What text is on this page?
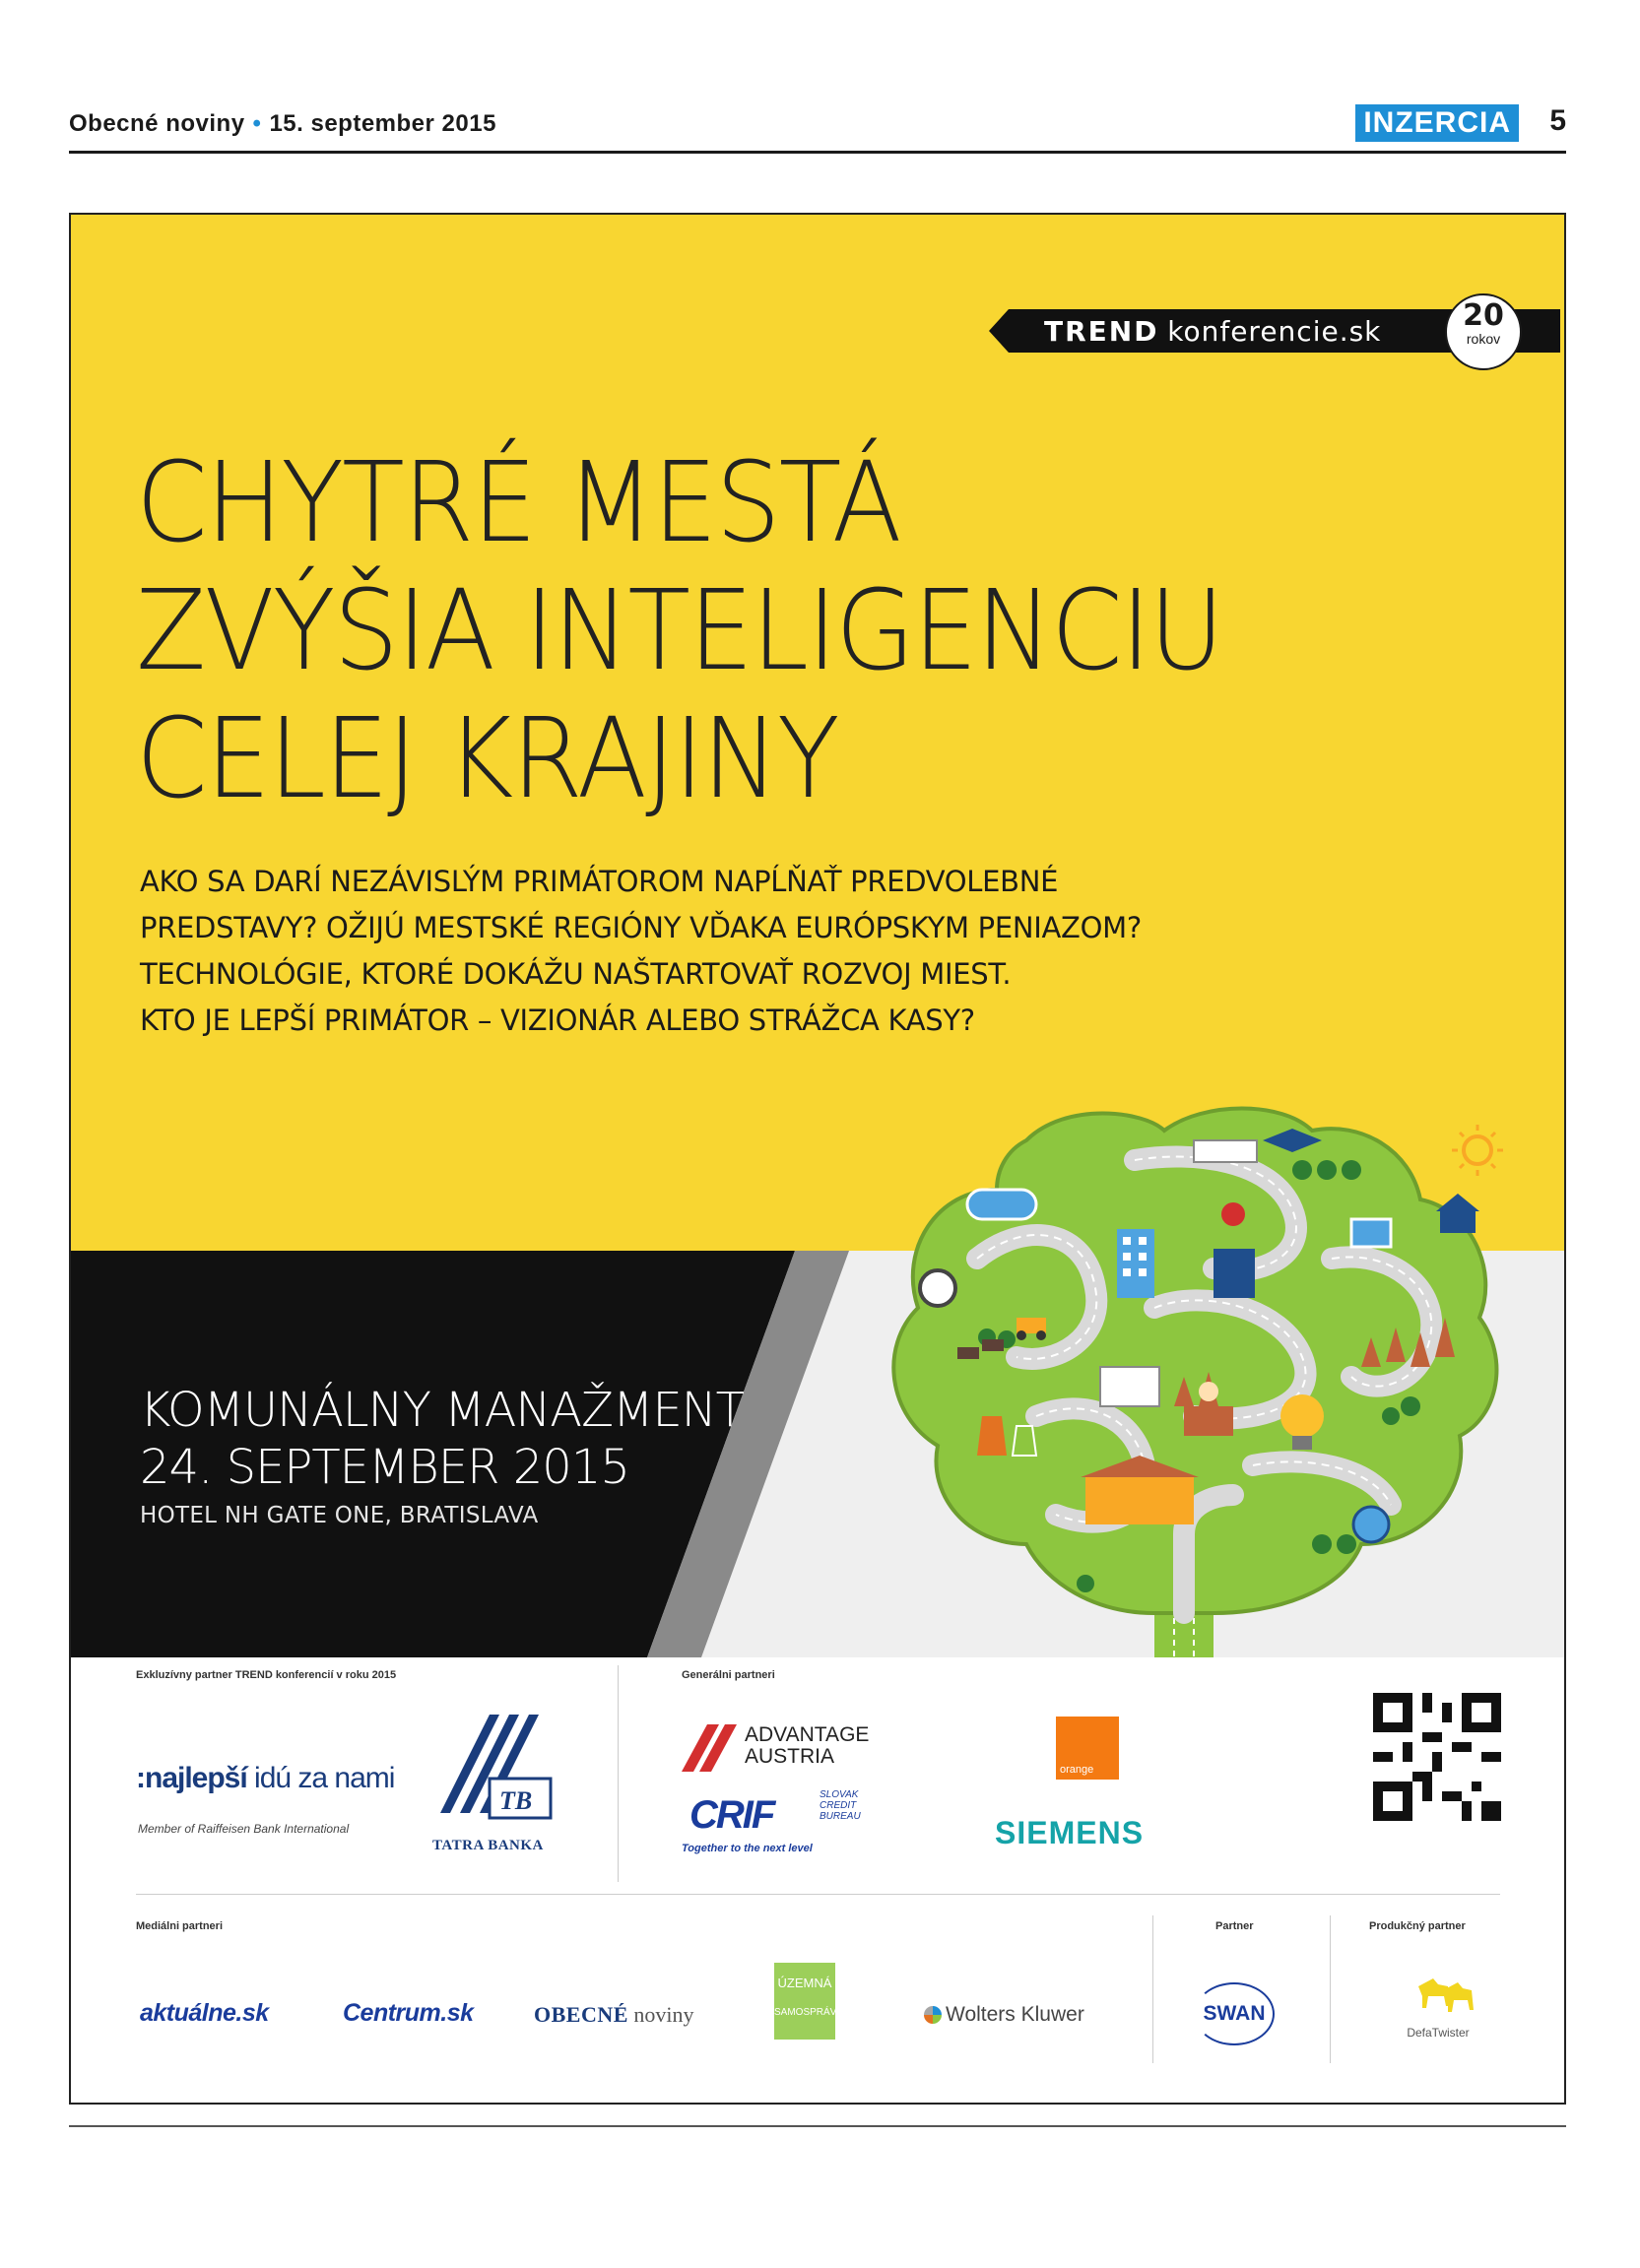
Obecné noviny • 15. september 2015	INZERCIA 5
TREND konferencie.sk	20
rokov
CHYTRÉ MESTÁ
ZVÝŠIA INTELIGENCIU
CELEJ KRAJINY
AKO SA DARÍ NEZÁVISLÝM PRIMÁTOROM NAPĹŇAŤ PREDVOLEBNÉ
PREDSTAVY? OŽIJÚ MESTSKÉ REGIÓNY VĎAKA EURÓPSKYM PENIAZOM?
TECHNOLÓGIE, KTORÉ DOKÁŽU NAŠTARTOVAŤ ROZVOJ MIEST.
KTO JE LEPŠÍ PRIMÁTOR – VIZIONÁR ALEBO STRÁŽCA KASY?
KOMUNÁLNY MANAŽMENT
24. SEPTEMBER 2015
HOTEL NH GATE ONE, BRATISLAVA
Exkluzívny partner TREND konferencií v roku 2015	Generálni partneri
:najlepší idú za nami
Member of Raiffeisen Bank International
TB
TATRA BANKA
ADVANTAGE
AUSTRIA
CRIF	SLOVAK
CREDIT
BUREAU
Together to the next level
orange
SIEMENS
Mediálni partneri	Partner	Produkčný partner
aktuálne.sk	Centrum.sk	OBECNÉ noviny
ÚZEMNÁ
SAMOSPRÁVA	Wolters Kluwer	SWAN
DefaTwister
